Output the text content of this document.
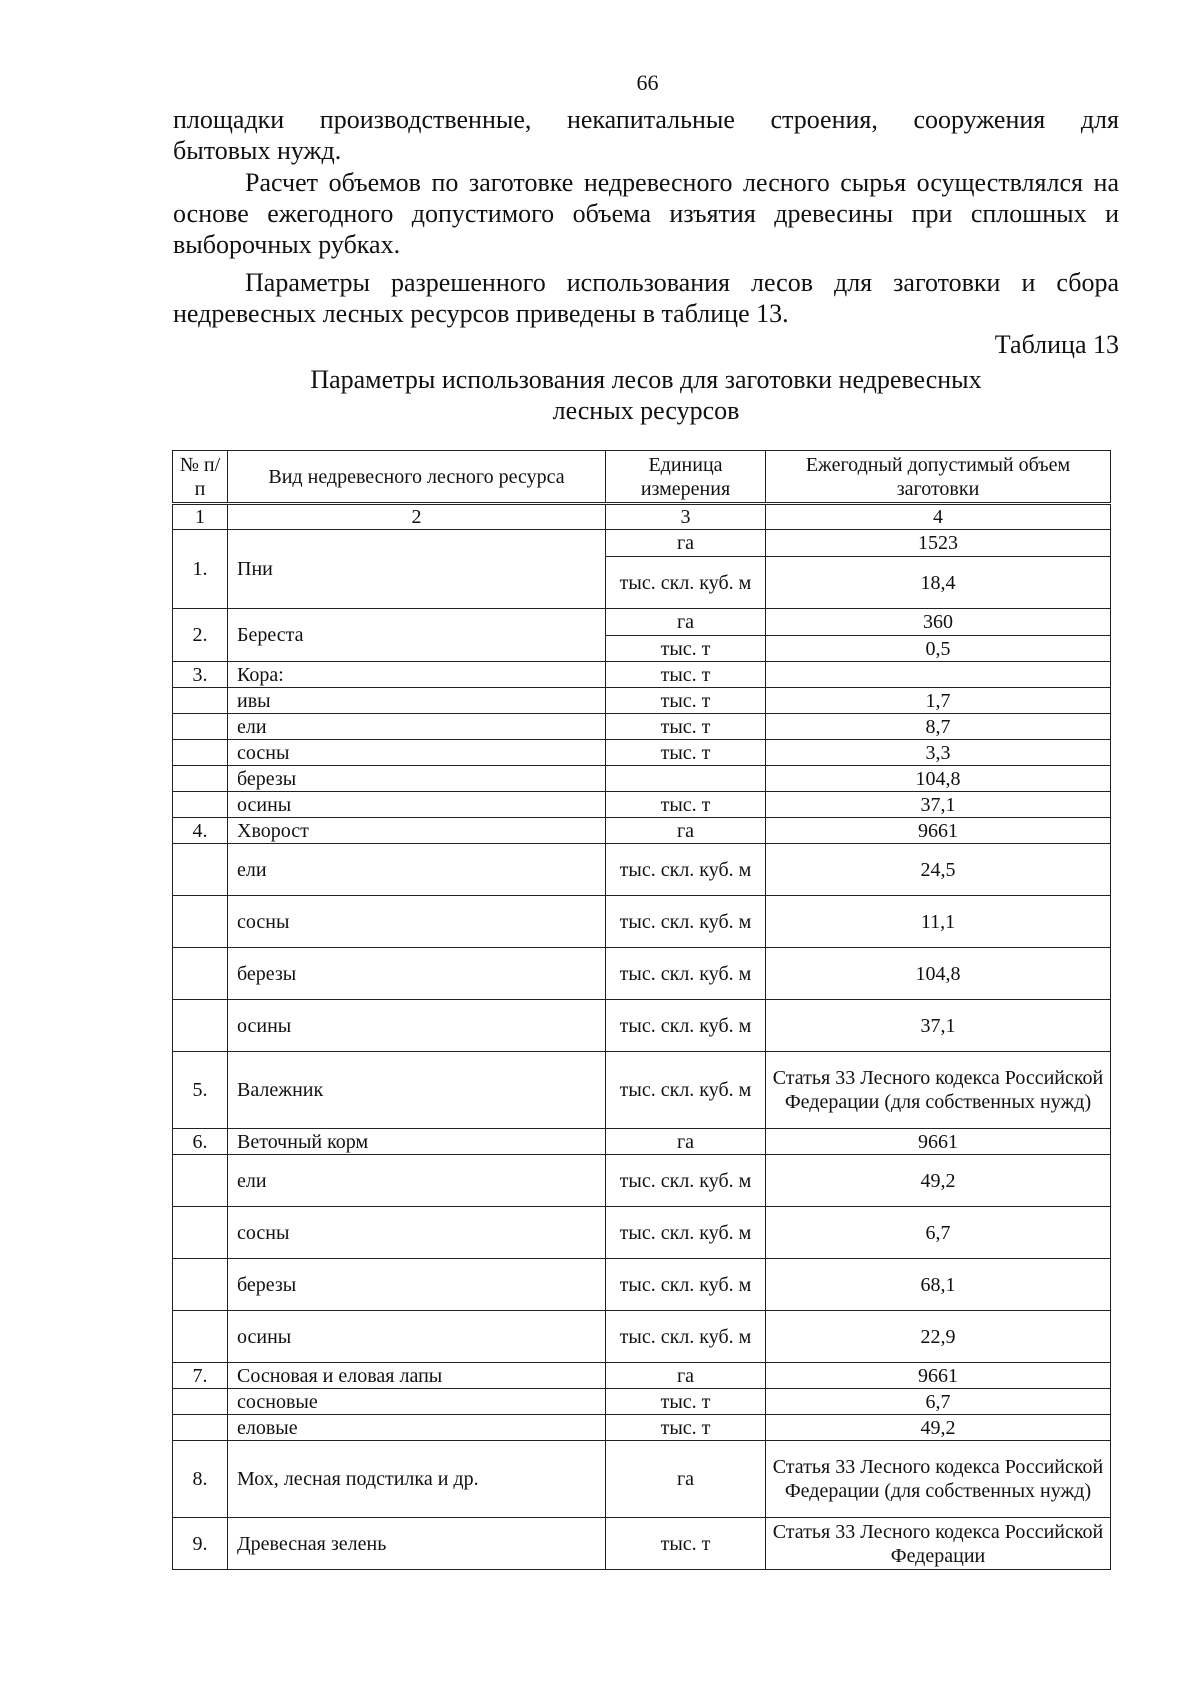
66
площадки производственные, некапитальные строения, сооружения для
бытовых нужд.
Расчет объемов по заготовке недревесного лесного сырья осуществлялся на основе ежегодного допустимого объема изъятия древесины при сплошных и выборочных рубках.
Параметры разрешенного использования лесов для заготовки и сбора недревесных лесных ресурсов приведены в таблице 13.
Таблица 13
Параметры использования лесов для заготовки недревесных
лесных ресурсов
№ п/п	Вид недревесного лесного ресурса	Единица измерения	Ежегодный допустимый объем заготовки
1	2	3	4
1.	Пни	га	1523
		тыс. скл. куб. м	18,4
2.	Береста	га	360
		тыс. т	0,5
3.	Кора:	тыс. т	
	ивы	тыс. т	1,7
	ели	тыс. т	8,7
	сосны	тыс. т	3,3
	березы		104,8
	осины	тыс. т	37,1
4.	Хворост	га	9661
	ели	тыс. скл. куб. м	24,5
	сосны	тыс. скл. куб. м	11,1
	березы	тыс. скл. куб. м	104,8
	осины	тыс. скл. куб. м	37,1
5.	Валежник	тыс. скл. куб. м	Статья 33 Лесного кодекса Российской Федерации (для собственных нужд)
6.	Веточный корм	га	9661
	ели	тыс. скл. куб. м	49,2
	сосны	тыс. скл. куб. м	6,7
	березы	тыс. скл. куб. м	68,1
	осины	тыс. скл. куб. м	22,9
7.	Сосновая и еловая лапы	га	9661
	сосновые	тыс. т	6,7
	еловые	тыс. т	49,2
8.	Мох, лесная подстилка и др.	га	Статья 33 Лесного кодекса Российской Федерации (для собственных нужд)
9.	Древесная зелень	тыс. т	Статья 33 Лесного кодекса Российской Федерации
